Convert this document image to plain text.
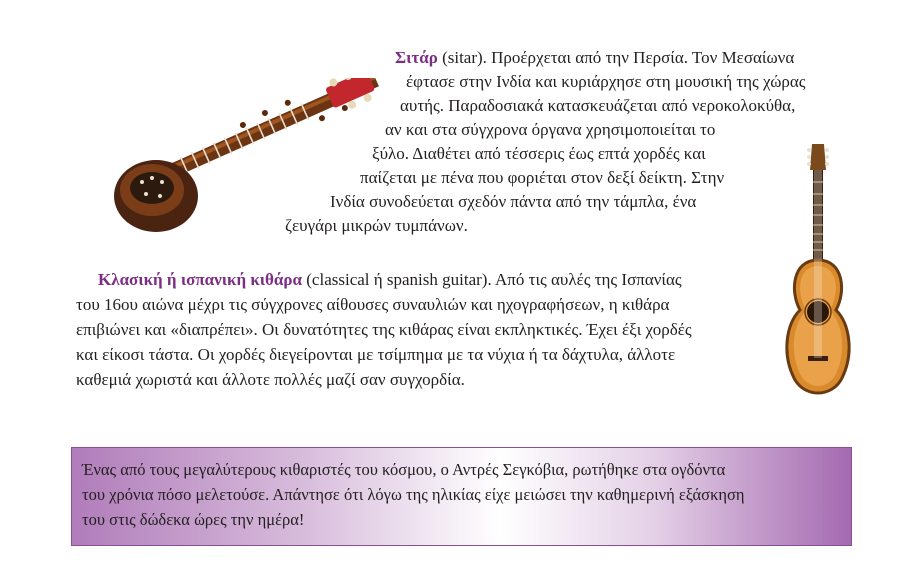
Σιτάρ (sitar). Προέρχεται από την Περσία. Τον Μεσαίωνα
έφτασε στην Ινδία και κυριάρχησε στη μουσική της χώρας
αυτής. Παραδοσιακά κατασκευάζεται από νεροκολοκύθα,
αν και στα σύγχρονα όργανα χρησιμοποιείται το
ξύλο. Διαθέτει από τέσσερις έως επτά χορδές και
παίζεται με πένα που φοριέται στον δεξί δείκτη. Στην
Ινδία συνοδεύεται σχεδόν πάντα από την τάμπλα, ένα
ζευγάρι μικρών τυμπάνων.
Κλασική ή ισπανική κιθάρα (classical ή spanish guitar). Από τις αυλές της Ισπανίας
του 16ου αιώνα μέχρι τις σύγχρονες αίθουσες συναυλιών και ηχογραφήσεων, η κιθάρα
επιβιώνει και «διαπρέπει». Οι δυνατότητες της κιθάρας είναι εκπληκτικές. Έχει έξι χορδές
και είκοσι τάστα. Οι χορδές διεγείρονται με τσίμπημα με τα νύχια ή τα δάχτυλα, άλλοτε
καθεμιά χωριστά και άλλοτε πολλές μαζί σαν συγχορδία.
Ένας από τους μεγαλύτερους κιθαριστές του κόσμου, ο Αντρές Σεγκόβια, ρωτήθηκε στα ογδόντα
του χρόνια πόσο μελετούσε. Απάντησε ότι λόγω της ηλικίας είχε μειώσει την καθημερινή εξάσκηση
του στις δώδεκα ώρες την ημέρα!
